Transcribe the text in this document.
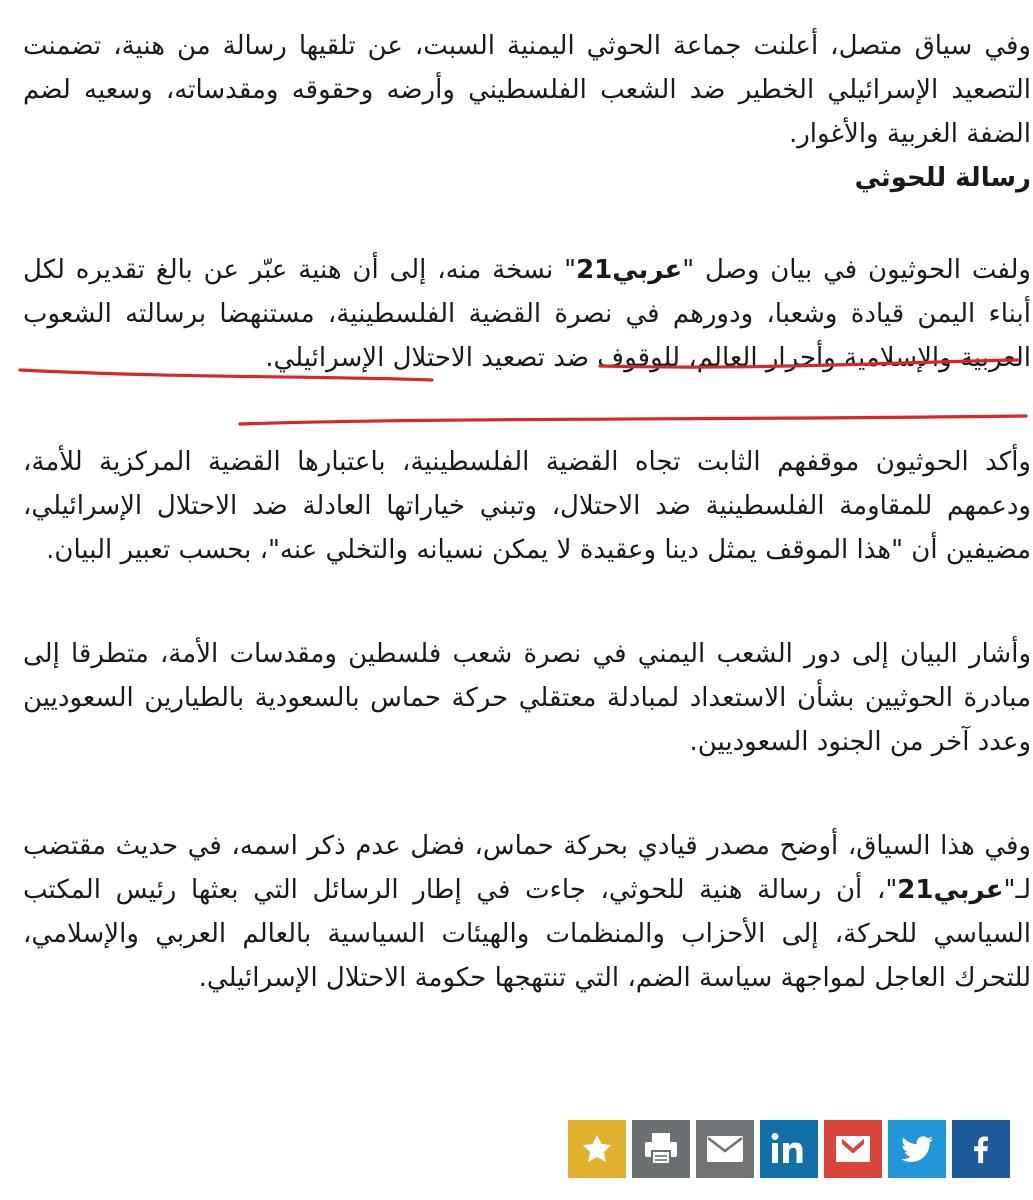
وفي سياق متصل، أعلنت جماعة الحوثي اليمنية السبت، عن تلقيها رسالة من هنية، تضمنت التصعيد الإسرائيلي الخطير ضد الشعب الفلسطيني وأرضه وحقوقه ومقدساته، وسعيه لضم الضفة الغربية والأغوار.

رسالة للحوثي

ولفت الحوثيون في بيان وصل "عربي21" نسخة منه، إلى أن هنية عبّر عن بالغ تقديره لكل أبناء اليمن قيادة وشعبا، ودورهم في نصرة القضية الفلسطينية، مستنهضا برسالته الشعوب العربية والإسلامية وأحرار العالم، للوقوف ضد تصعيد الاحتلال الإسرائيلي.

وأكد الحوثيون موقفهم الثابت تجاه القضية الفلسطينية، باعتبارها القضية المركزية للأمة، ودعمهم للمقاومة الفلسطينية ضد الاحتلال، وتبني خياراتها العادلة ضد الاحتلال الإسرائيلي، مضيفين أن "هذا الموقف يمثل دينا وعقيدة لا يمكن نسيانه والتخلي عنه"، بحسب تعبير البيان.

وأشار البيان إلى دور الشعب اليمني في نصرة شعب فلسطين ومقدسات الأمة، متطرقا إلى مبادرة الحوثيين بشأن الاستعداد لمبادلة معتقلي حركة حماس بالسعودية بالطيارين السعوديين وعدد آخر من الجنود السعوديين.

وفي هذا السياق، أوضح مصدر قيادي بحركة حماس، فضل عدم ذكر اسمه، في حديث مقتضب لـ"عربي21"، أن رسالة هنية للحوثي، جاءت في إطار الرسائل التي بعثها رئيس المكتب السياسي للحركة، إلى الأحزاب والمنظمات والهيئات السياسية بالعالم العربي والإسلامي، للتحرك العاجل لمواجهة سياسة الضم، التي تنتهجها حكومة الاحتلال الإسرائيلي.
